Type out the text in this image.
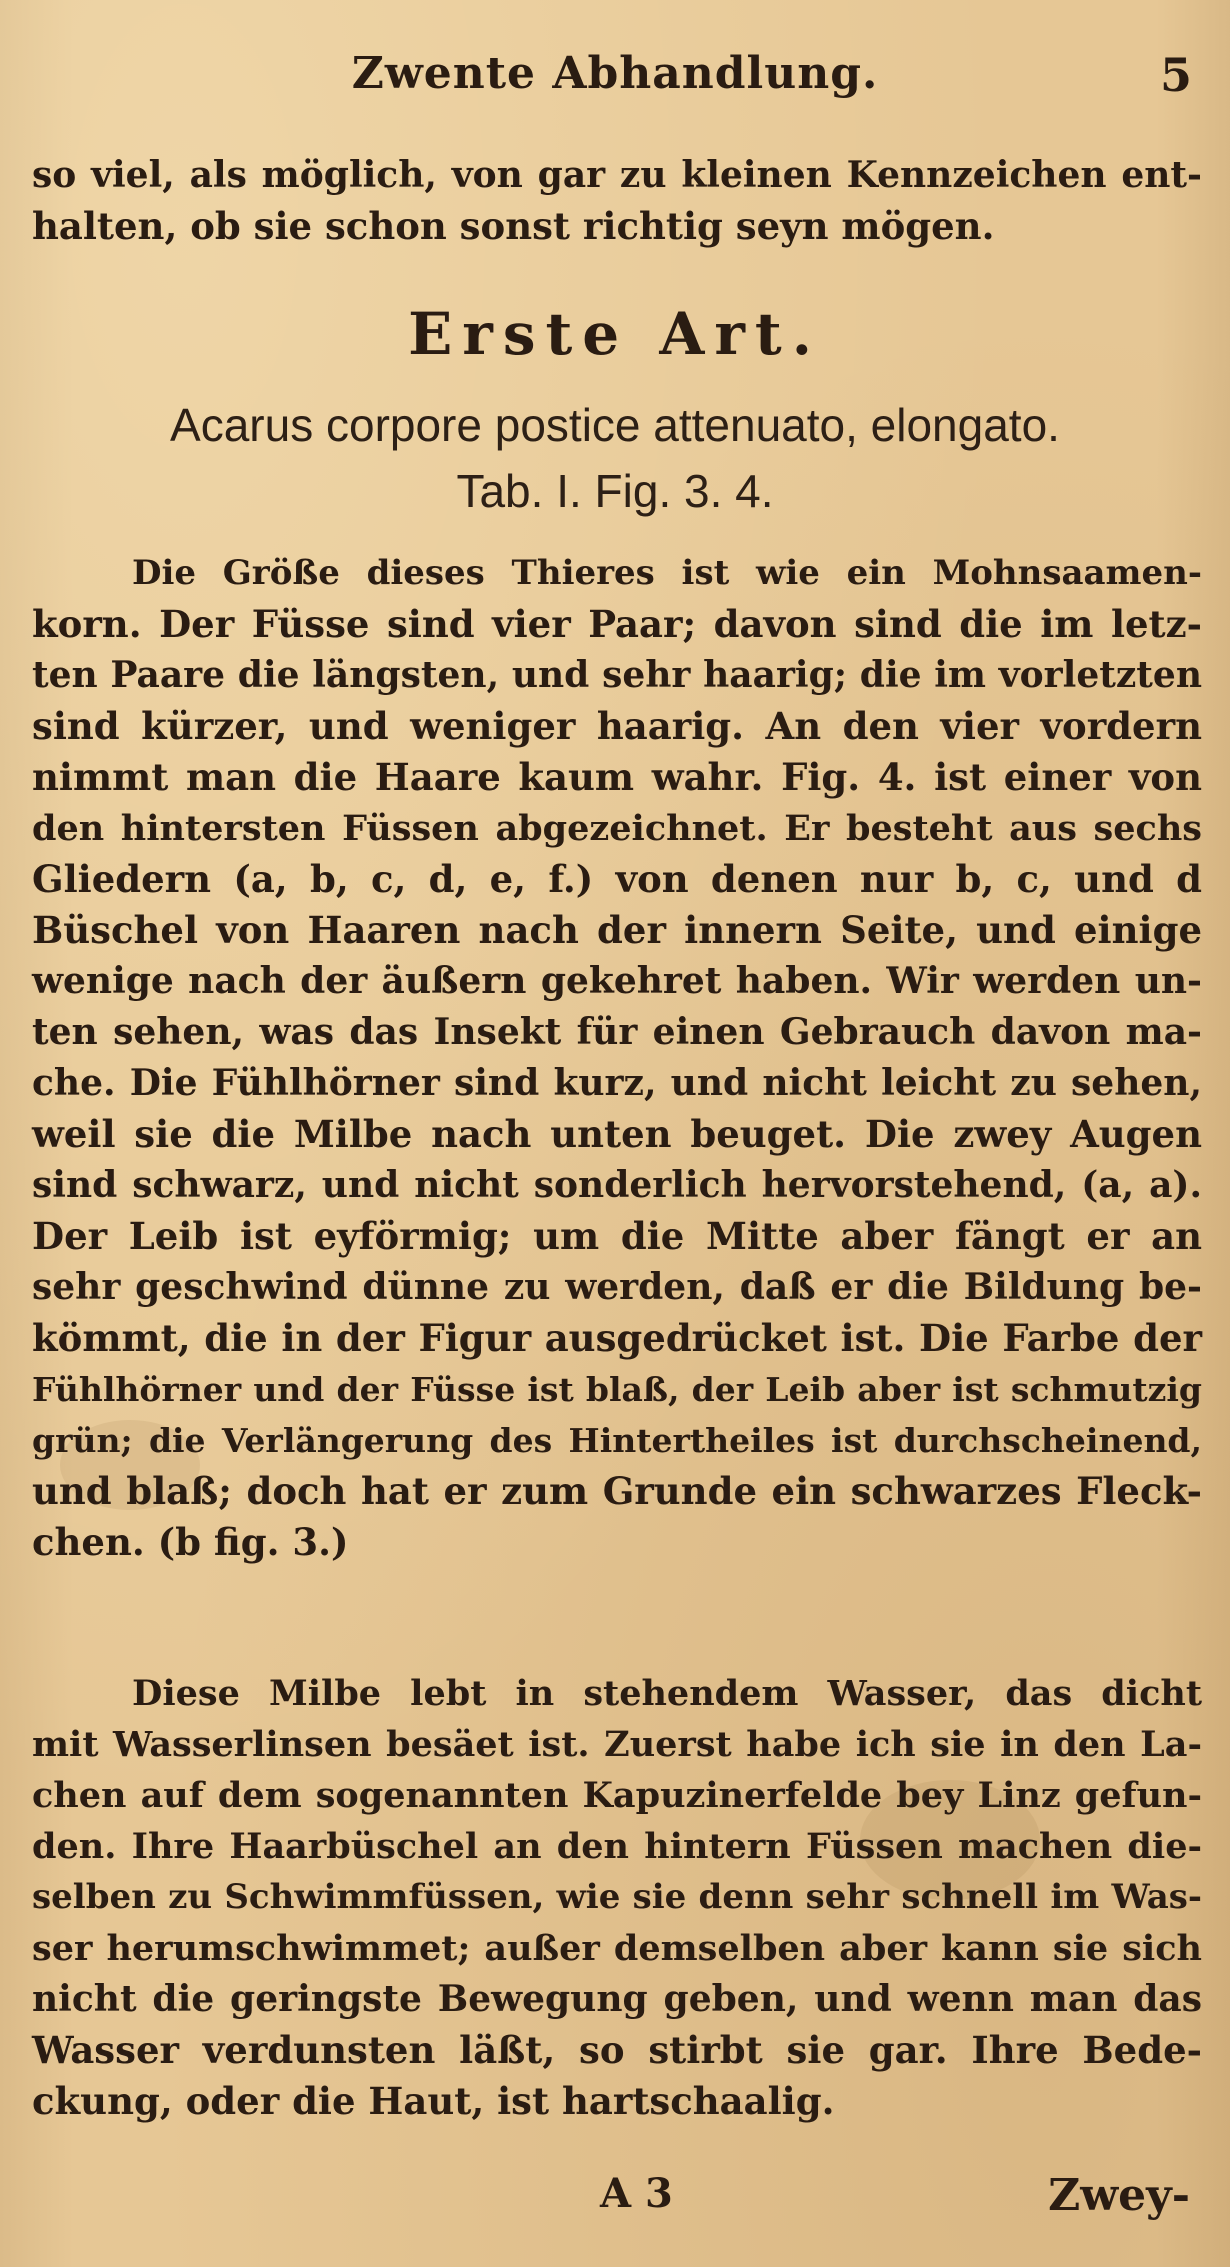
Zwente Abhandlung.	5
so viel, als möglich, von gar zu kleinen Kennzeichen ent-
halten, ob sie schon sonst richtig seyn mögen.
Erste Art.
Acarus corpore postice attenuato, elongato.
Tab. I. Fig. 3. 4.
Die Größe dieses Thieres ist wie ein Mohnsaamen-
korn. Der Füsse sind vier Paar; davon sind die im letz-
ten Paare die längsten, und sehr haarig; die im vorletzten
sind kürzer, und weniger haarig. An den vier vordern
nimmt man die Haare kaum wahr. Fig. 4. ist einer von
den hintersten Füssen abgezeichnet. Er besteht aus sechs
Gliedern (a, b, c, d, e, f.) von denen nur b, c, und d
Büschel von Haaren nach der innern Seite, und einige
wenige nach der äußern gekehret haben. Wir werden un-
ten sehen, was das Insekt für einen Gebrauch davon ma-
che. Die Fühlhörner sind kurz, und nicht leicht zu sehen,
weil sie die Milbe nach unten beuget. Die zwey Augen
sind schwarz, und nicht sonderlich hervorstehend, (a, a).
Der Leib ist eyförmig; um die Mitte aber fängt er an
sehr geschwind dünne zu werden, daß er die Bildung be-
kömmt, die in der Figur ausgedrücket ist. Die Farbe der
Fühlhörner und der Füsse ist blaß, der Leib aber ist schmutzig
grün; die Verlängerung des Hintertheiles ist durchscheinend,
und blaß; doch hat er zum Grunde ein schwarzes Fleck-
chen. (b fig. 3.)
Diese Milbe lebt in stehendem Wasser, das dicht
mit Wasserlinsen besäet ist. Zuerst habe ich sie in den La-
chen auf dem sogenannten Kapuzinerfelde bey Linz gefun-
den. Ihre Haarbüschel an den hintern Füssen machen die-
selben zu Schwimmfüssen, wie sie denn sehr schnell im Was-
ser herumschwimmet; außer demselben aber kann sie sich
nicht die geringste Bewegung geben, und wenn man das
Wasser verdunsten läßt, so stirbt sie gar. Ihre Bede-
ckung, oder die Haut, ist hartschaalig.
A 3	Zwey-
